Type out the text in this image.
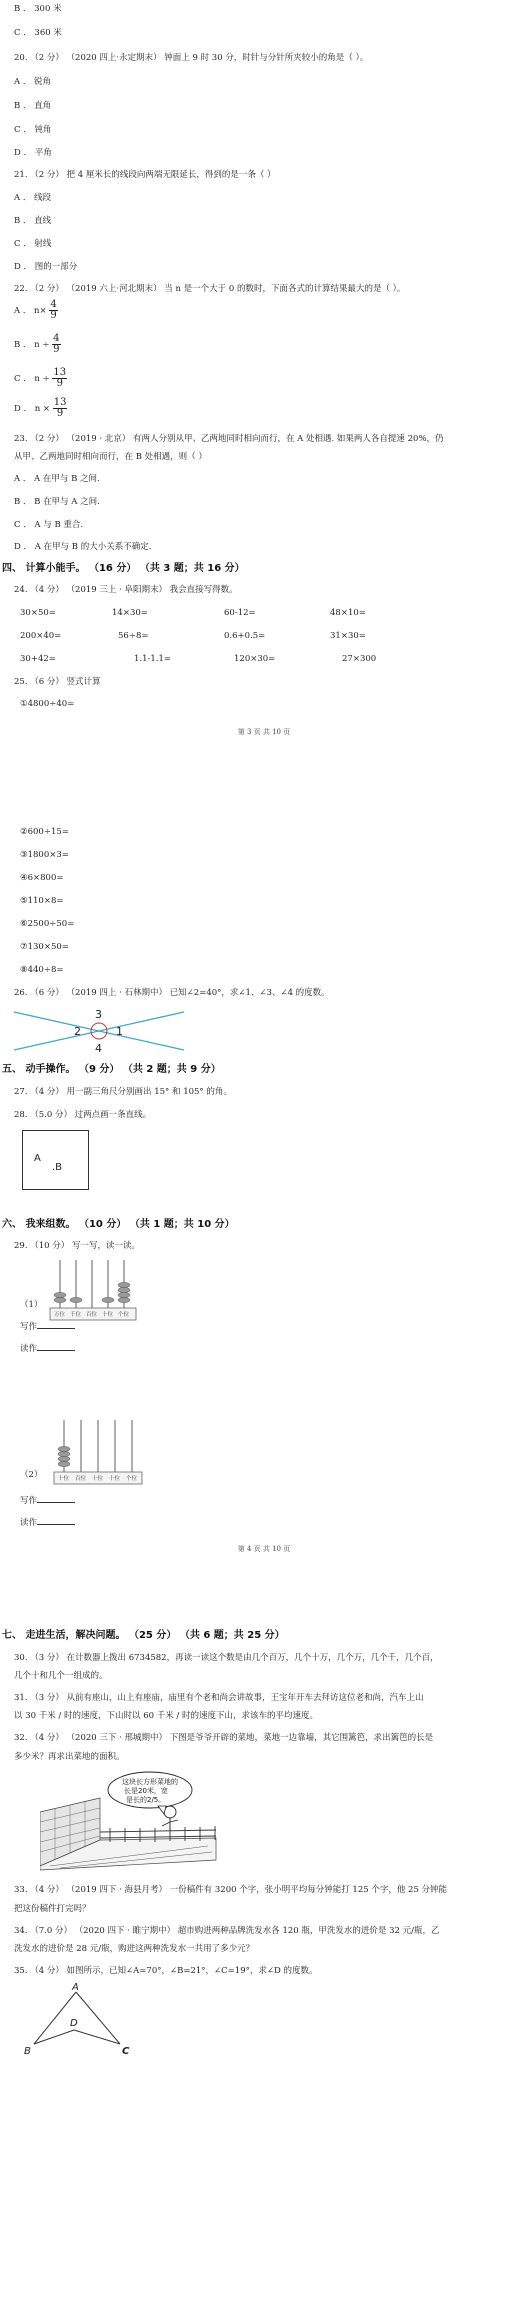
B ． 300 米
C ． 360 米
20. （2 分） （2020 四上·永定期末） 钟面上 9 时 30 分，时针与分针所夹较小的角是（ ）。
A ． 锐角
B ． 直角
C ． 钝角
D ． 平角
21. （2 分） 把 4 厘米长的线段向两端无限延长，得到的是一条（ ）
A ． 线段
B ． 直线
C ． 射线
D ． 图的一部分
22. （2 分） （2019 六上·河北期末） 当 n 是一个大于 0 的数时，下面各式的计算结果最大的是（ ）。
A ． $n\times \frac{4}{9}$
B ． $n \div \frac{4}{9}$
C ． $n \div \frac{13}{9}$
D ． $n \times \frac{13}{9}$
23. （2 分） （2019 · 北京） 有两人分别从甲、乙两地同时相向而行，在 A 处相遇. 如果两人各自提速 20%，仍
从甲、乙两地同时相向而行，在 B 处相遇，则（ ）
A ． A 在甲与 B 之间.
B ． B 在甲与 A 之间.
C ． A 与 B 重合.
D ． A 在甲与 B 的大小关系不确定.
四、 计算小能手。 （16 分） （共 3 题；共 16 分）
24. （4 分） （2019 三上 · 阜阳期末） 我会直接写得数。
30×50=	14×30=	60-12=	48×10=
200×40=	56÷8=	0.6+0.5=	31×30=
30+42=	1.1-1.1=	120×30=	27×300
25. （6 分） 竖式计算
①4800÷40=
第 3 页 共 10 页
②600÷15=
③1800×3=
④6×800=
⑤110×8=
⑥2500÷50=
⑦130×50=
⑧440÷8=
26. （6 分） （2019 四上 · 石林期中） 已知∠2=40°，求∠1、∠3、∠4 的度数。
3
2	1
4
五、 动手操作。 （9 分） （共 2 题；共 9 分）
27. （4 分） 用一副三角尺分别画出 15° 和 105° 的角。
28. （5.0 分） 过两点画一条直线。
A
.B
六、 我来组数。 （10 分） （共 1 题；共 10 分）
29. （10 分） 写一写，读一读。
万位 千位 百位 十位 个位
（1）
写作
读作
十位 百位 十位 十位 个位
（2）
写作
读作
第 4 页 共 10 页
七、 走进生活，解决问题。 （25 分） （共 6 题；共 25 分）
30. （3 分） 在计数器上拨出 6734582，再读一读这个数是由几个百万，几个十万，几个万，几个千，几个百，
几个十和几个一组成的。
31. （3 分） 从前有座山，山上有座庙，庙里有个老和尚会讲故事，王宝年开车去拜访这位老和尚，汽车上山
以 30 千米 / 时的速度，下山时以 60 千米 / 时的速度下山，求该车的平均速度。
32. （4 分） （2020 三下 · 邢城期中） 下图是爷爷开辟的菜地，菜地一边靠墙，其它围篱笆，求出篱笆的长是
多少米？再求出菜地的面积。
这块长方形菜地的
长是20米，宽
是长的2/5。
33. （4 分） （2019 四下 · 海县月考） 一份稿件有 3200 个字，张小明平均每分钟能打 125 个字，他 25 分钟能
把这份稿件打完吗？
34. （7.0 分） （2020 四下 · 睢宁期中） 超市购进两种品牌洗发水各 120 瓶，甲洗发水的进价是 32 元/瓶，乙
洗发水的进价是 28 元/瓶，购进这两种洗发水一共用了多少元？
35. （4 分） 如图所示，已知∠A=70°，∠B=21°，∠C=19°，求∠D 的度数。
A
B	C
D
